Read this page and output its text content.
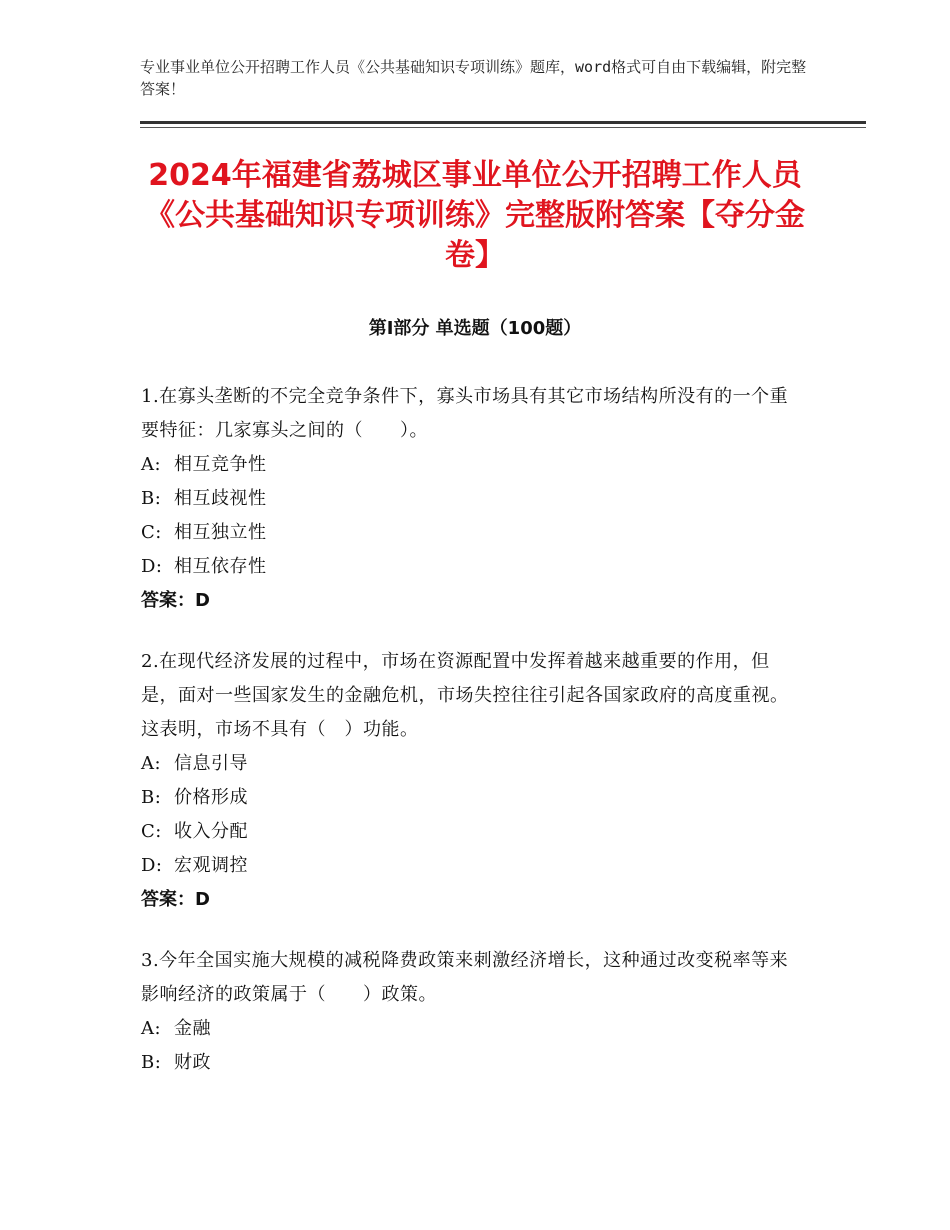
专业事业单位公开招聘工作人员《公共基础知识专项训练》题库，word格式可自由下载编辑，附完整答案！
2024年福建省荔城区事业单位公开招聘工作人员《公共基础知识专项训练》完整版附答案【夺分金卷】
第Ⅰ部分 单选题（100题）

1.在寡头垄断的不完全竞争条件下，寡头市场具有其它市场结构所没有的一个重要特征：几家寡头之间的（　　）。

A: 相互竞争性

B: 相互歧视性

C: 相互独立性

D: 相互依存性

答案：D

2.在现代经济发展的过程中，市场在资源配置中发挥着越来越重要的作用，但是，面对一些国家发生的金融危机，市场失控往往引起各国家政府的高度重视。这表明，市场不具有（　）功能。

A: 信息引导

B: 价格形成

C: 收入分配

D: 宏观调控

答案：D

3.今年全国实施大规模的减税降费政策来刺激经济增长，这种通过改变税率等来影响经济的政策属于（　　）政策。

A: 金融

B: 财政
